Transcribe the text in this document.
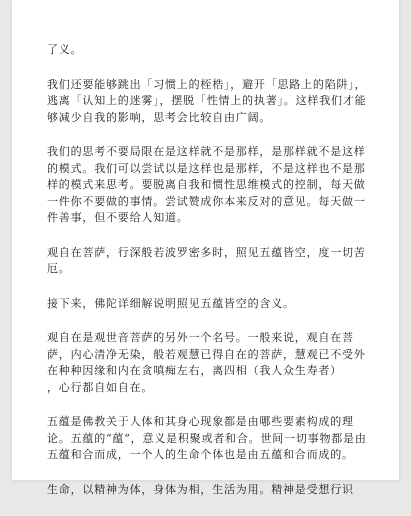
了义。

我们还要能够跳出「习惯上的桎梏」，避开「思路上的陷阱」，逃离「认知上的迷雾」，摆脱「性情上的执著」。这样我们才能够减少自我的影响，思考会比较自由广阔。

我们的思考不要局限在是这样就不是那样，是那样就不是这样的模式。我们可以尝试以是这样也是那样，不是这样也不是那样的模式来思考。要脱离自我和惯性思维模式的控制，每天做一件你不要做的事情。尝试赞成你本来反对的意见。每天做一件善事，但不要给人知道。

观自在菩萨，行深般若波罗密多时，照见五蕴皆空，度一切苦厄。

接下来，佛陀详细解说明照见五蕴皆空的含义。

观自在是观世音菩萨的另外一个名号。一般来说，观自在菩萨，内心清净无染，般若观慧已得自在的菩萨，慧观已不受外在种种因缘和内在贪嗔痴左右，离四相（我人众生寿者）
，心行都自如自在。

五蕴是佛教关于人体和其身心现象都是由哪些要素构成的理论。五蕴的“蕴”，意义是积聚或者和合。世间一切事物都是由五蕴和合而成，一个人的生命个体也是由五蕴和合而成的。

生命，以精神为体，身体为相，生活为用。精神是受想行识
